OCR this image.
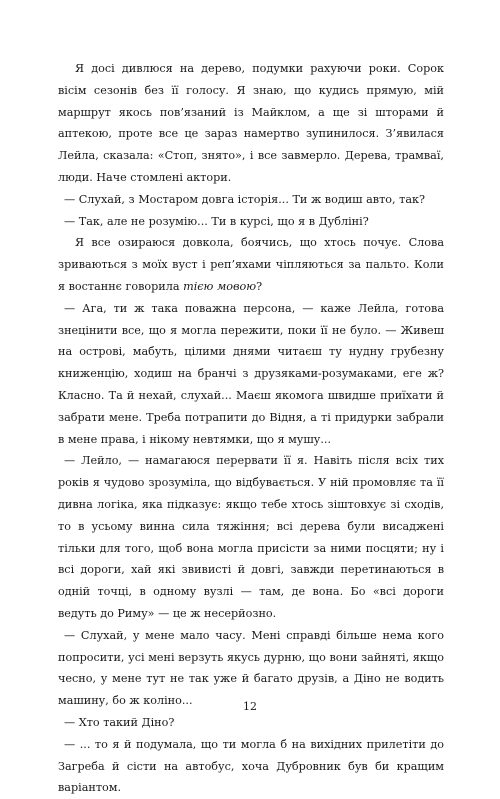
Я досі дивлюся на дерево, подумки рахуючи роки. Сорок вісім сезонів без її голосу. Я знаю, що кудись прямую, мій маршрут якось пов’язаний із Майклом, а ще зі шторами й аптекою, проте все це зараз намертво зупинилося. З’явилася Лейла, сказала: «Стоп, знято», і все завмерло. Дерева, трамваї, люди. Наче стомлені актори.

— Слухай, з Мостаром довга історія... Ти ж водиш авто, так?

— Так, але не розумію... Ти в курсі, що я в Дубліні?

Я все озираюся довкола, боячись, що хтось почує. Слова зриваються з моїх вуст і реп’яхами чіпляються за пальто. Коли я востаннє говорила тією мовою?

— Ага, ти ж така поважна персона, — каже Лейла, готова знецінити все, що я могла пережити, поки її не було. — Живеш на острові, мабуть, цілими днями читаєш ту нудну грубезну книженцію, ходиш на бранчі з друзяками-розумаками, еге ж? Класно. Та й нехай, слухай... Маєш якомога швидше приїхати й забрати мене. Треба потрапити до Відня, а ті придурки забрали в мене права, і нікому невтямки, що я мушу...

— Лейло, — намагаюся перервати її я. Навіть після всіх тих років я чудово зрозуміла, що відбувається. У ній промовляє та її дивна логіка, яка підказує: якщо тебе хтось зіштовхує зі сходів, то в усьому винна сила тяжіння; всі дерева були висаджені тільки для того, щоб вона могла присісти за ними посцяти; ну і всі дороги, хай які звивисті й довгі, завжди перетинаються в одній точці, в одному вузлі — там, де вона. Бо «всі дороги ведуть до Риму» — це ж несерйозно.

— Слухай, у мене мало часу. Мені справді більше нема кого попросити, усі мені верзуть якусь дурню, що вони зайняті, якщо чесно, у мене тут не так уже й багато друзів, а Діно не водить машину, бо ж коліно...

— Хто такий Діно?

— ... то я й подумала, що ти могла б на вихідних прилетіти до Загреба й сісти на автобус, хоча Дубровник був би кращим варіантом.

12
